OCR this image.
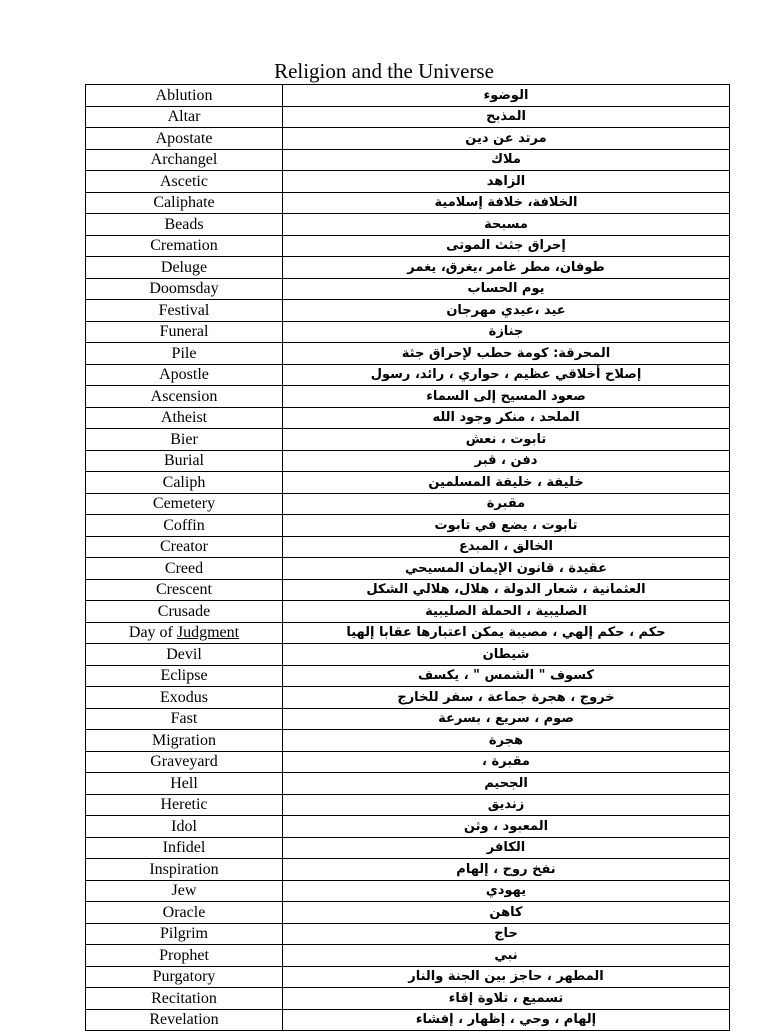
Religion and the Universe
Ablution	الوضوء
Altar	المذبح
Apostate	مرتد عن دين
Archangel	ملاك
Ascetic	الزاهد
Caliphate	الخلافة، خلافة إسلامية
Beads	مسبحة
Cremation	إحراق جثث الموتى
Deluge	طوفان، مطر غامر ،يغرق، يغمر
Doomsday	يوم الحساب
Festival	عيد ،عيدي مهرجان
Funeral	جنازة
Pile	المحرقة: كومة حطب لإحراق جثة
Apostle	إصلاح أخلاقي عظيم ، حواري ، رائد، رسول
Ascension	صعود المسيح إلى السماء
Atheist	الملحد ، منكر وجود الله
Bier	تابوت ، نعش
Burial	دفن ، قبر
Caliph	خليفة ، خليفة المسلمين
Cemetery	مقبرة
Coffin	تابوت ، يضع في تابوت
Creator	الخالق ، المبدع
Creed	عقيدة ، قانون الإيمان المسيحي
Crescent	العثمانية ، شعار الدولة ، هلال، هلالي الشكل
Crusade	الصليبية ، الحملة الصليبية
Day of Judgment	حكم ، حكم إلهي ، مصيبة يمكن اعتبارها عقابا إلهيا
Devil	شيطان
Eclipse	كسوف " الشمس " ، يكسف
Exodus	خروج ، هجرة جماعة ، سفر للخارج
Fast	صوم ، سريع ، بسرعة
Migration	هجرة
Graveyard	مقبرة ،
Hell	الجحيم
Heretic	زنديق
Idol	المعبود ، وثن
Infidel	الكافر
Inspiration	نفخ روح ، إلهام
Jew	يهودي
Oracle	كاهن
Pilgrim	حاج
Prophet	نبي
Purgatory	المطهر ، حاجز بين الجنة والنار
Recitation	تسميع ، تلاوة إقاء
Revelation	إلهام ، وحي ، إظهار ، إفشاء
